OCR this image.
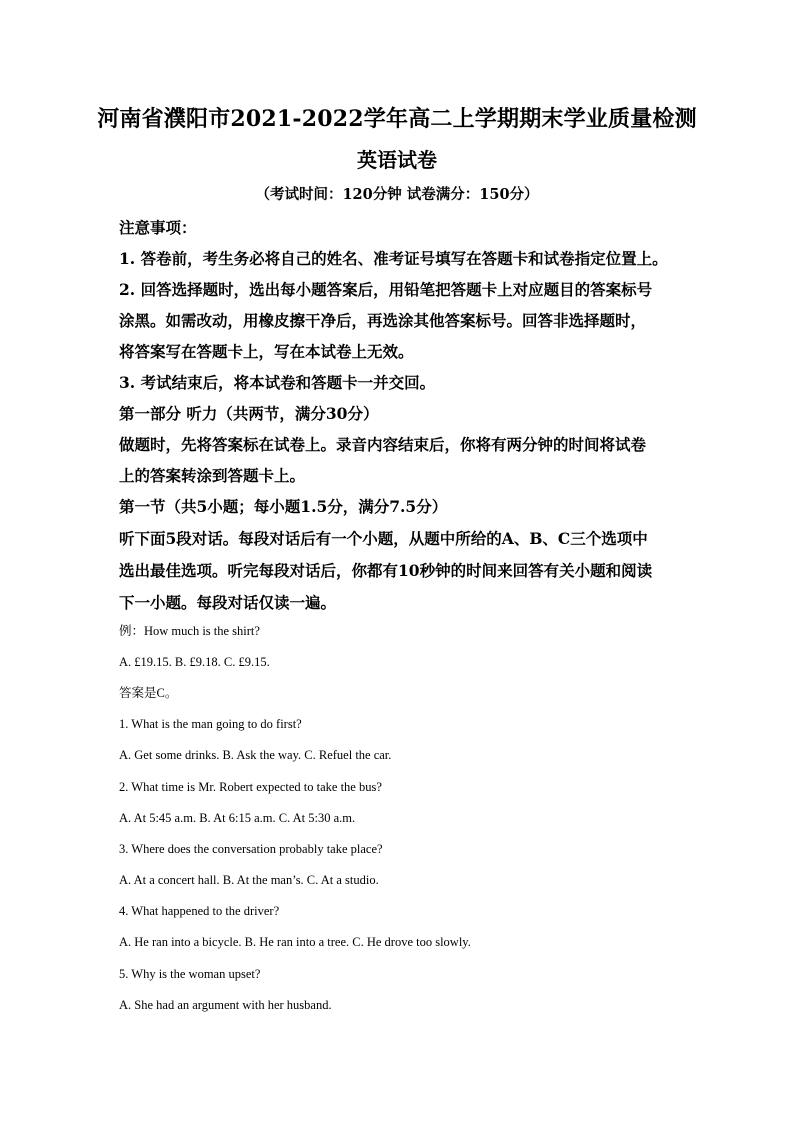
河南省濮阳市2021-2022学年高二上学期期末学业质量检测
英语试卷
（考试时间：120分钟 试卷满分：150分）
注意事项：
1. 答卷前，考生务必将自己的姓名、准考证号填写在答题卡和试卷指定位置上。
2. 回答选择题时，选出每小题答案后，用铅笔把答题卡上对应题目的答案标号
涂黑。如需改动，用橡皮擦干净后，再选涂其他答案标号。回答非选择题时，
将答案写在答题卡上，写在本试卷上无效。
3. 考试结束后，将本试卷和答题卡一并交回。
第一部分 听力（共两节，满分30分）
做题时，先将答案标在试卷上。录音内容结束后，你将有两分钟的时间将试卷
上的答案转涂到答题卡上。
第一节（共5小题；每小题1.5分，满分7.5分）
听下面5段对话。每段对话后有一个小题，从题中所给的A、B、C三个选项中
选出最佳选项。听完每段对话后，你都有10秒钟的时间来回答有关小题和阅读
下一小题。每段对话仅读一遍。
例：How much is the shirt?
A. £19.15. B. £9.18. C. £9.15.
答案是C。
1. What is the man going to do first?
A. Get some drinks. B. Ask the way. C. Refuel the car.
2. What time is Mr. Robert expected to take the bus?
A. At 5:45 a.m. B. At 6:15 a.m. C. At 5:30 a.m.
3. Where does the conversation probably take place?
A. At a concert hall. B. At the man’s. C. At a studio.
4. What happened to the driver?
A. He ran into a bicycle. B. He ran into a tree. C. He drove too slowly.
5. Why is the woman upset?
A. She had an argument with her husband.
